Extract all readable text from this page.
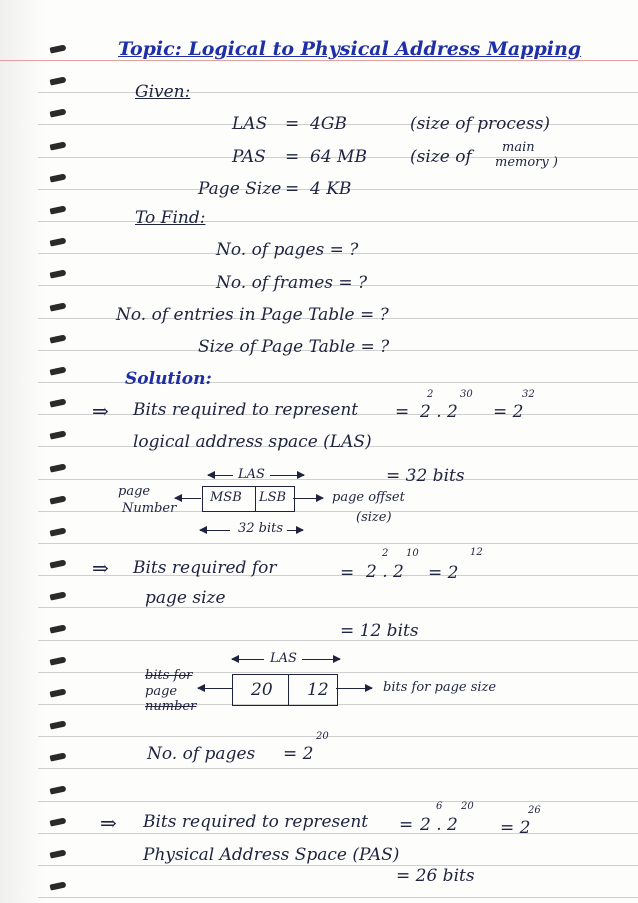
Topic: Logical to Physical Address Mapping
Given:
LAS = 4GB	(size of process)
PAS = 64 MB	(size of main
memory )
Page Size = 4 KB
To Find:
No. of pages = ?
No. of frames = ?
No. of entries in Page Table = ?
Size of Page Table = ?
Solution:
⇒ Bits required to represent
logical address space (LAS)
= 2 . 2
2	30
= 2
32
= 32 bits
LAS
page
Number
MSB LSB	page offset
(size)
32 bits
⇒ Bits required for
page size
= 2 . 2
2 10
= 2
12
= 12 bits
LAS
bits for
page
number
20 12	bits for page size
No. of pages = 2
20
⇒ Bits required to represent
Physical Address Space (PAS)
= 2 . 2
6 20
= 2
26
= 26 bits
